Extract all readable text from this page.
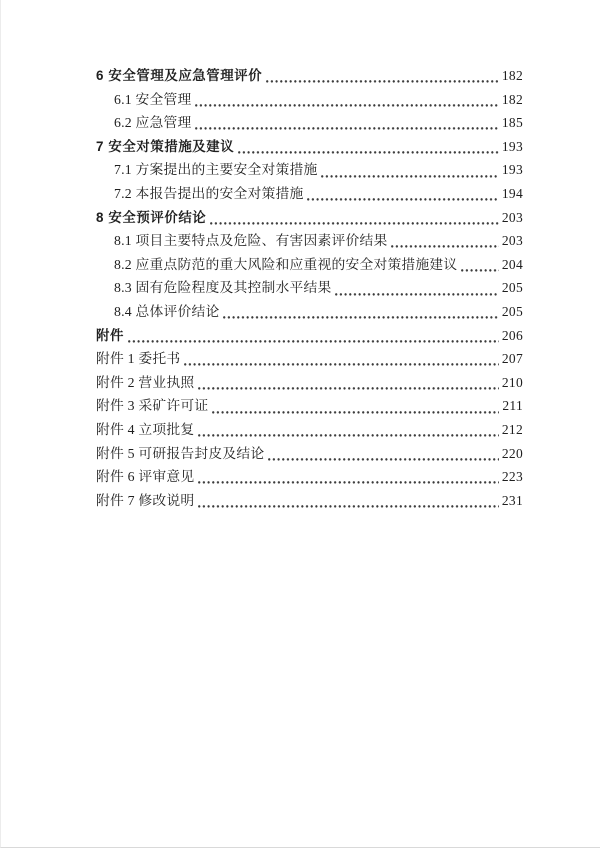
6 安全管理及应急管理评价	182
6.1 安全管理	182
6.2 应急管理	185
7 安全对策措施及建议	193
7.1 方案提出的主要安全对策措施	193
7.2 本报告提出的安全对策措施	194
8 安全预评价结论	203
8.1 项目主要特点及危险、有害因素评价结果	203
8.2 应重点防范的重大风险和应重视的安全对策措施建议	204
8.3 固有危险程度及其控制水平结果	205
8.4 总体评价结论	205
附件	206
附件 1 委托书	207
附件 2 营业执照	210
附件 3 采矿许可证	211
附件 4 立项批复	212
附件 5 可研报告封皮及结论	220
附件 6 评审意见	223
附件 7 修改说明	231
